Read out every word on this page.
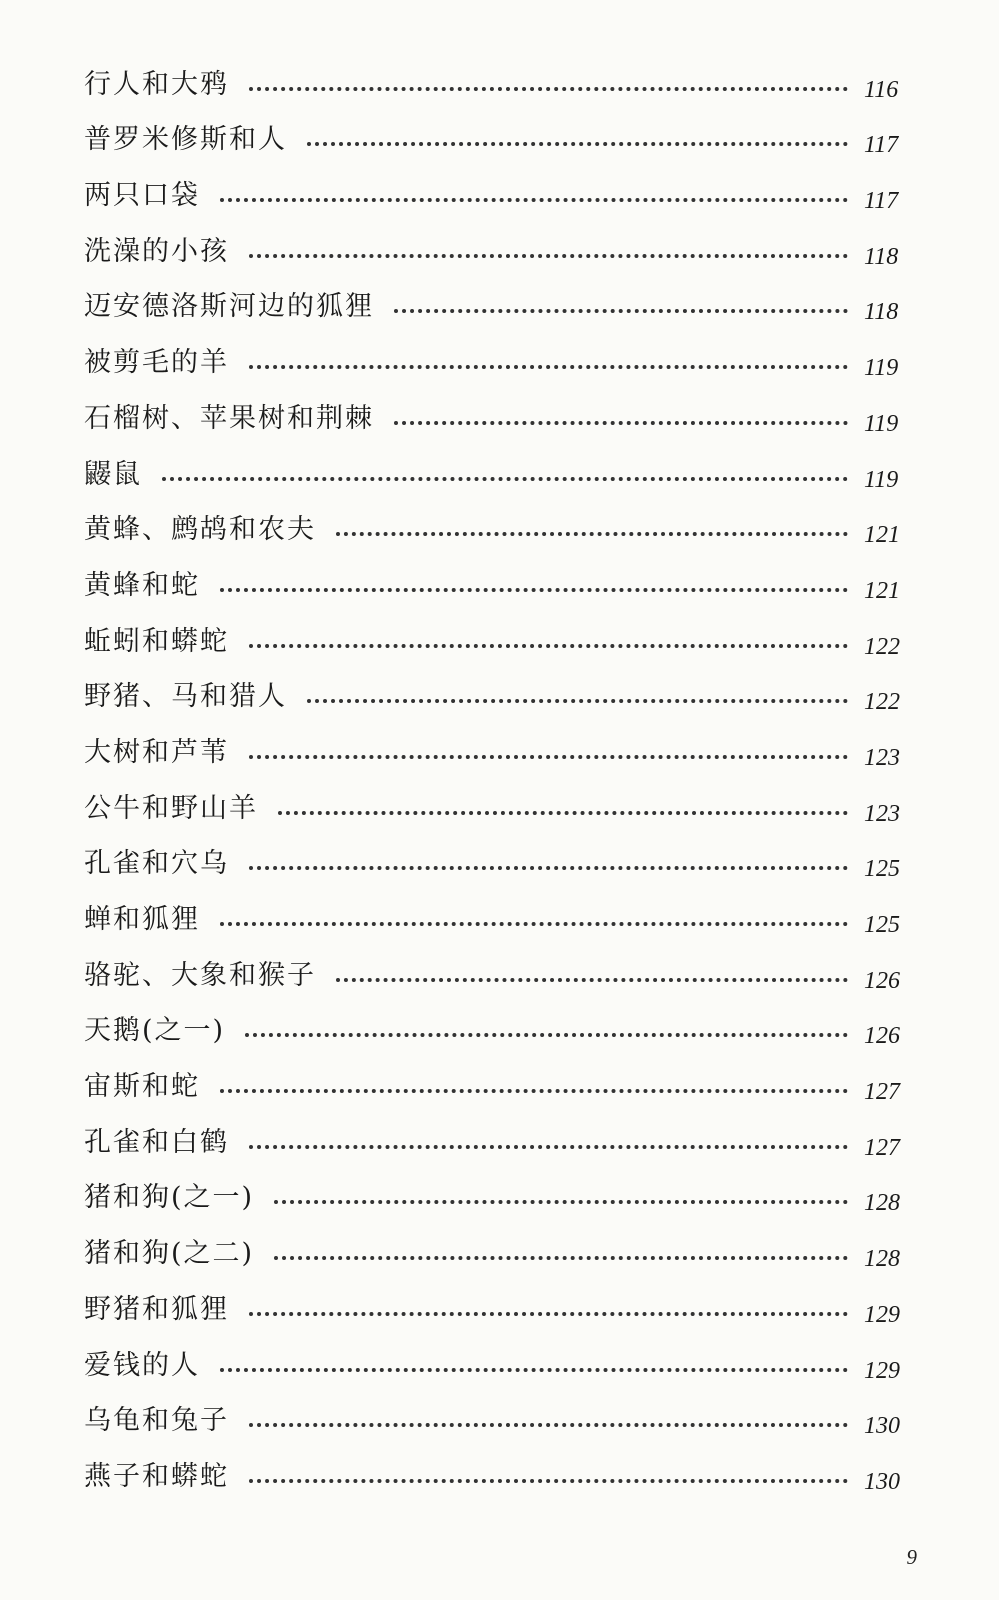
行人和大鸦	116
普罗米修斯和人	117
两只口袋	117
洗澡的小孩	118
迈安德洛斯河边的狐狸	118
被剪毛的羊	119
石榴树、苹果树和荆棘	119
鼹鼠	119
黄蜂、鹧鸪和农夫	121
黄蜂和蛇	121
蚯蚓和蟒蛇	122
野猪、马和猎人	122
大树和芦苇	123
公牛和野山羊	123
孔雀和穴乌	125
蝉和狐狸	125
骆驼、大象和猴子	126
天鹅(之一)	126
宙斯和蛇	127
孔雀和白鹤	127
猪和狗(之一)	128
猪和狗(之二)	128
野猪和狐狸	129
爱钱的人	129
乌龟和兔子	130
燕子和蟒蛇	130
9
